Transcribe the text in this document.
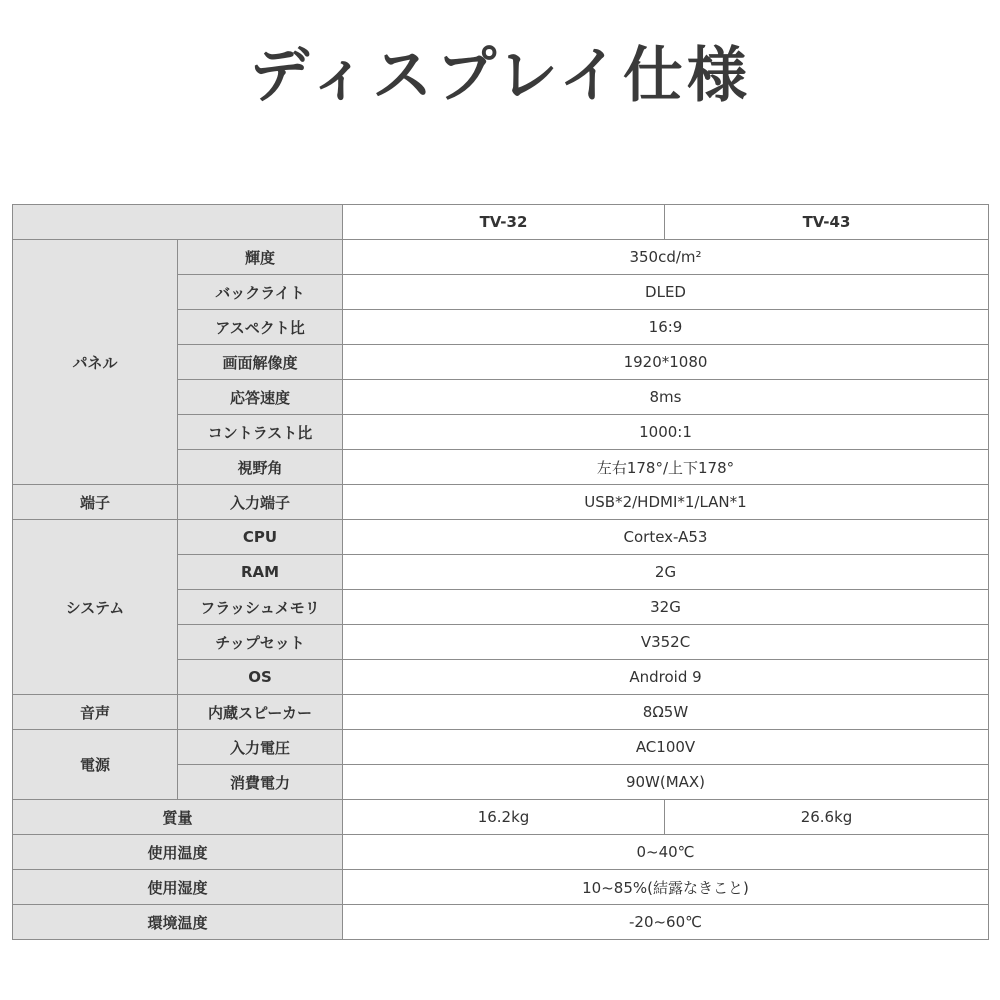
ディスプレイ仕様
		TV-32	TV-43
パネル	輝度	350cd/m²	
	バックライト	DLED	
	アスペクト比	16:9	
	画面解像度	1920*1080	
	応答速度	8ms	
	コントラスト比	1000:1	
	視野角	左右178°/上下178°	
端子	入力端子	USB*2/HDMI*1/LAN*1	
システム	CPU	Cortex-A53	
	RAM	2G	
	フラッシュメモリ	32G	
	チップセット	V352C	
	OS	Android 9	
音声	内蔵スピーカー	8Ω5W	
電源	入力電圧	AC100V	
	消費電力	90W(MAX)	
質量		16.2kg	26.6kg
使用温度		0~40℃	
使用湿度		10~85%(結露なきこと)	
環境温度		-20~60℃	
